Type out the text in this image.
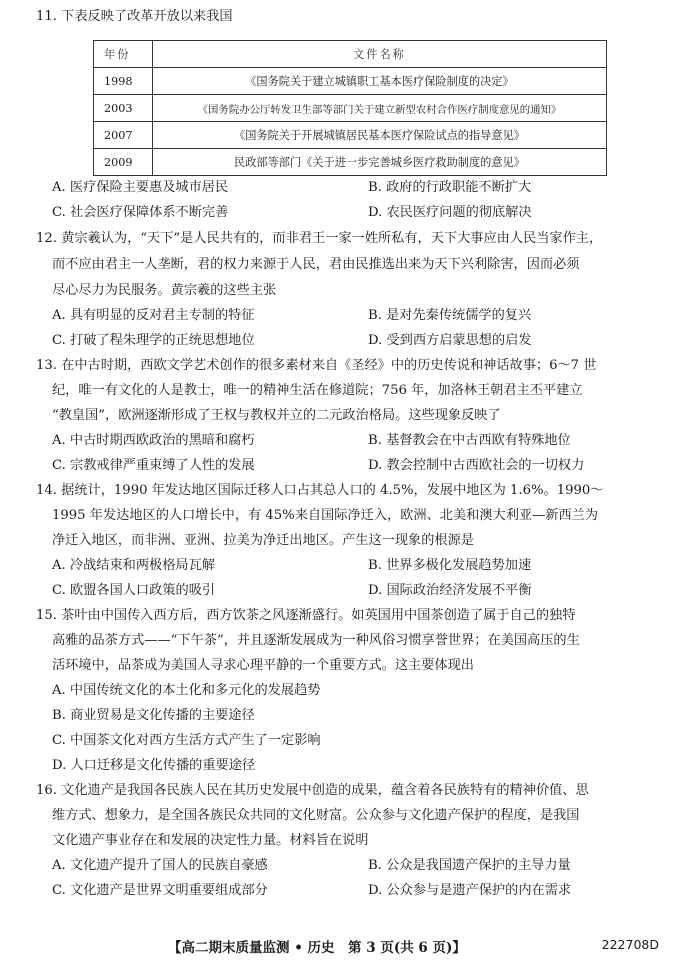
11. 下表反映了改革开放以来我国
年份	文件名称
1998	《国务院关于建立城镇职工基本医疗保险制度的决定》
2003	《国务院办公厅转发卫生部等部门关于建立新型农村合作医疗制度意见的通知》
2007	《国务院关于开展城镇居民基本医疗保险试点的指导意见》
2009	民政部等部门《关于进一步完善城乡医疗救助制度的意见》
A. 医疗保险主要惠及城市居民	B. 政府的行政职能不断扩大
C. 社会医疗保障体系不断完善	D. 农民医疗问题的彻底解决
12. 黄宗羲认为，“天下”是人民共有的，而非君王一家一姓所私有，天下大事应由人民当家作主，
而不应由君主一人垄断，君的权力来源于人民，君由民推选出来为天下兴利除害，因而必须
尽心尽力为民服务。黄宗羲的这些主张
A. 具有明显的反对君主专制的特征	B. 是对先秦传统儒学的复兴
C. 打破了程朱理学的正统思想地位	D. 受到西方启蒙思想的启发
13. 在中古时期，西欧文学艺术创作的很多素材来自《圣经》中的历史传说和神话故事；6～7 世
纪，唯一有文化的人是教士，唯一的精神生活在修道院；756 年，加洛林王朝君主丕平建立
“教皇国”，欧洲逐渐形成了王权与教权并立的二元政治格局。这些现象反映了
A. 中古时期西欧政治的黑暗和腐朽	B. 基督教会在中古西欧有特殊地位
C. 宗教戒律严重束缚了人性的发展	D. 教会控制中古西欧社会的一切权力
14. 据统计，1990 年发达地区国际迁移人口占其总人口的 4.5%，发展中地区为 1.6%。1990～
1995 年发达地区的人口增长中，有 45%来自国际净迁入，欧洲、北美和澳大利亚—新西兰为
净迁入地区，而非洲、亚洲、拉美为净迁出地区。产生这一现象的根源是
A. 冷战结束和两极格局瓦解	B. 世界多极化发展趋势加速
C. 欧盟各国人口政策的吸引	D. 国际政治经济发展不平衡
15. 茶叶由中国传入西方后，西方饮茶之风逐渐盛行。如英国用中国茶创造了属于自己的独特
高雅的品茶方式——“下午茶”，并且逐渐发展成为一种风俗习惯享誉世界；在美国高压的生
活环境中，品茶成为美国人寻求心理平静的一个重要方式。这主要体现出
A. 中国传统文化的本土化和多元化的发展趋势
B. 商业贸易是文化传播的主要途径
C. 中国茶文化对西方生活方式产生了一定影响
D. 人口迁移是文化传播的重要途径
16. 文化遗产是我国各民族人民在其历史发展中创造的成果，蕴含着各民族特有的精神价值、思
维方式、想象力，是全国各族民众共同的文化财富。公众参与文化遗产保护的程度，是我国
文化遗产事业存在和发展的决定性力量。材料旨在说明
A. 文化遗产提升了国人的民族自豪感	B. 公众是我国遗产保护的主导力量
C. 文化遗产是世界文明重要组成部分	D. 公众参与是遗产保护的内在需求
【高二期末质量监测 • 历史　第 3 页(共 6 页)】	222708D
